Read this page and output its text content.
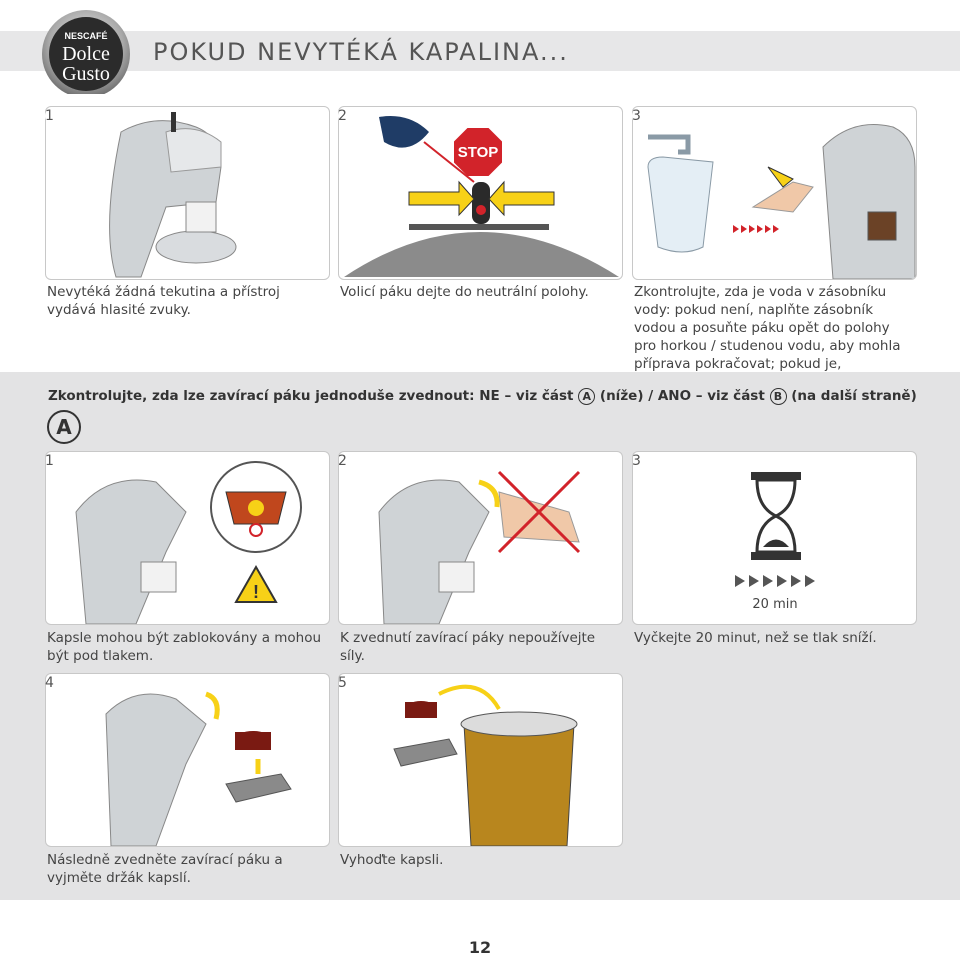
NESCAFÉ
Dolce
Gusto
POKUD NEVYTÉKÁ KAPALINA...
1
Nevytéká žádná tekutina a přístroj vydává hlasité zvuky.
STOP
2
Volicí páku dejte do neutrální polohy.
3
Zkontrolujte, zda je voda v zásobníku vody: pokud není, naplňte zásobník vodou a posuňte páku opět do polohy pro horkou / studenou vodu, aby mohla příprava pokračovat; pokud je,
Zkontrolujte, zda lze zavírací páku jednoduše zvednout: NE – viz část A (níže) / ANO – viz část B (na další straně)
A
!
1
Kapsle mohou být zablokovány a mohou být pod tlakem.
2
K zvednutí zavírací páky nepoužívejte síly.
20 min
3
Vyčkejte 20 minut, než se tlak sníží.
4
Následně zvedněte zavírací páku a vyjměte držák kapslí.
5
Vyhoďte kapsli.
12
